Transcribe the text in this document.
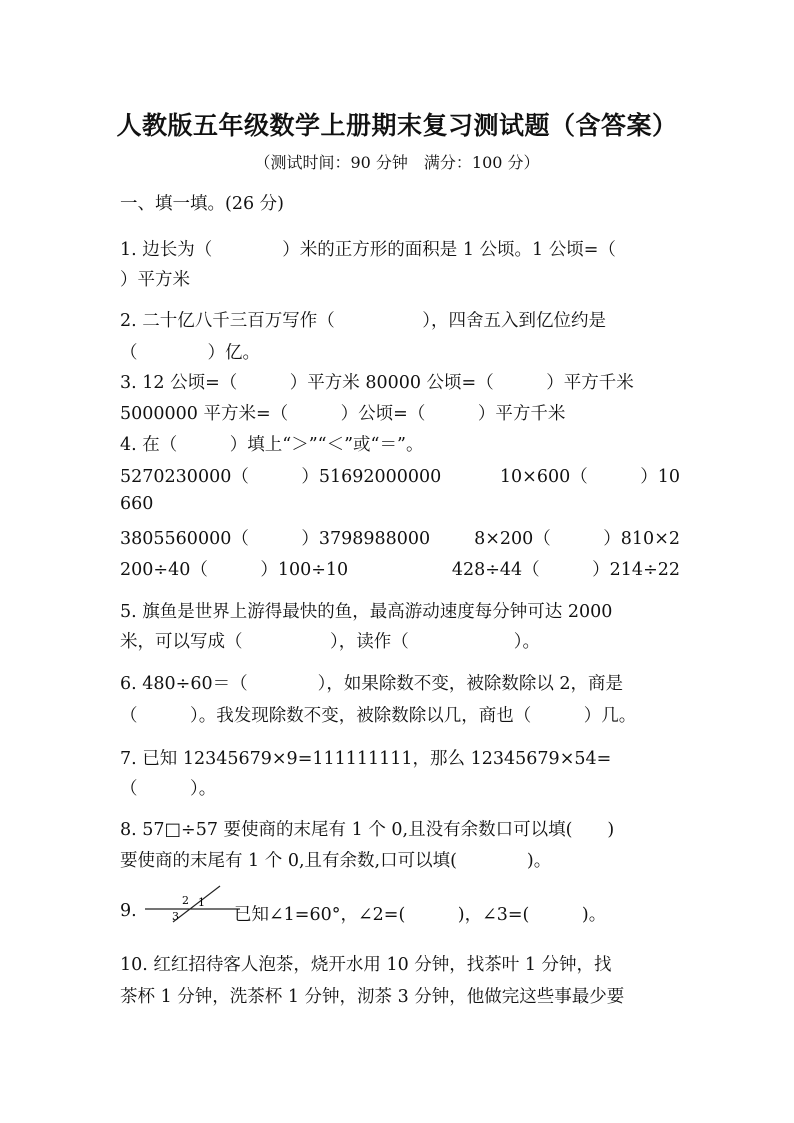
人教版五年级数学上册期末复习测试题（含答案）
（测试时间：90 分钟　满分：100 分）
一、填一填。(26 分)
1. 边长为（　　　　）米的正方形的面积是 1 公顷。1 公顷=（
）平方米
2. 二十亿八千三百万写作（　　　　　），四舍五入到亿位约是
（　　　　）亿。
3. 12 公顷=（　　　）平方米 80000 公顷=（　　　）平方千米
5000000 平方米=（　　　）公顷=（　　　）平方千米
4. 在（　　　）填上“＞”“＜”或“＝”。
5270230000（　　　）51692000000	10×600（　　　）10
660
3805560000（　　　）3798988000	8×200（　　　）810×2
200÷40（　　　）100÷10	428÷44（　　　）214÷22
5. 旗鱼是世界上游得最快的鱼，最高游动速度每分钟可达 2000
米，可以写成（　　　　　），读作（　　　　　　）。
6. 480÷60＝（　　　　），如果除数不变，被除数除以 2，商是
（　　　）。我发现除数不变，被除数除以几，商也（　　　）几。
7. 已知 12345679×9=111111111，那么 12345679×54=
（　　　）。
8. 57□÷57 要使商的末尾有 1 个 0,且没有余数口可以填(　　)
要使商的末尾有 1 个 0,且有余数,口可以填(　　　　)。
9.	1
2
3	已知∠1=60°，∠2=(　　　)，∠3=(　　　)。
10. 红红招待客人泡茶，烧开水用 10 分钟，找茶叶 1 分钟，找
茶杯 1 分钟，洗茶杯 1 分钟，沏茶 3 分钟，他做完这些事最少要
